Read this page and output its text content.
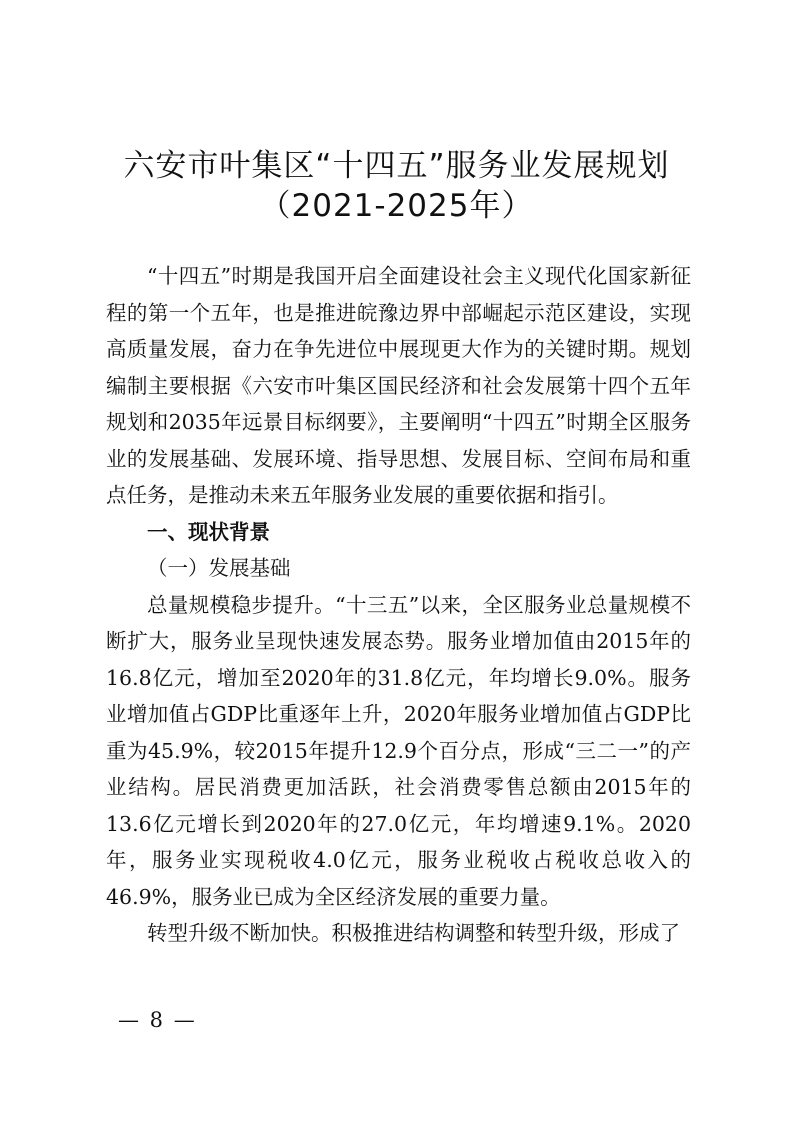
六安市叶集区“十四五”服务业发展规划
（2021-2025年）

“十四五”时期是我国开启全面建设社会主义现代化国家新征程的第一个五年，也是推进皖豫边界中部崛起示范区建设，实现高质量发展，奋力在争先进位中展现更大作为的关键时期。规划编制主要根据《六安市叶集区国民经济和社会发展第十四个五年规划和2035年远景目标纲要》，主要阐明“十四五”时期全区服务业的发展基础、发展环境、指导思想、发展目标、空间布局和重点任务，是推动未来五年服务业发展的重要依据和指引。

一、现状背景

（一）发展基础

总量规模稳步提升。“十三五”以来，全区服务业总量规模不断扩大，服务业呈现快速发展态势。服务业增加值由2015年的16.8亿元，增加至2020年的31.8亿元，年均增长9.0%。服务业增加值占GDP比重逐年上升，2020年服务业增加值占GDP比重为45.9%，较2015年提升12.9个百分点，形成“三二一”的产业结构。居民消费更加活跃，社会消费零售总额由2015年的13.6亿元增长到2020年的27.0亿元，年均增速9.1%。2020年，服务业实现税收4.0亿元，服务业税收占税收总收入的46.9%，服务业已成为全区经济发展的重要力量。

转型升级不断加快。积极推进结构调整和转型升级，形成了

— 8 —
